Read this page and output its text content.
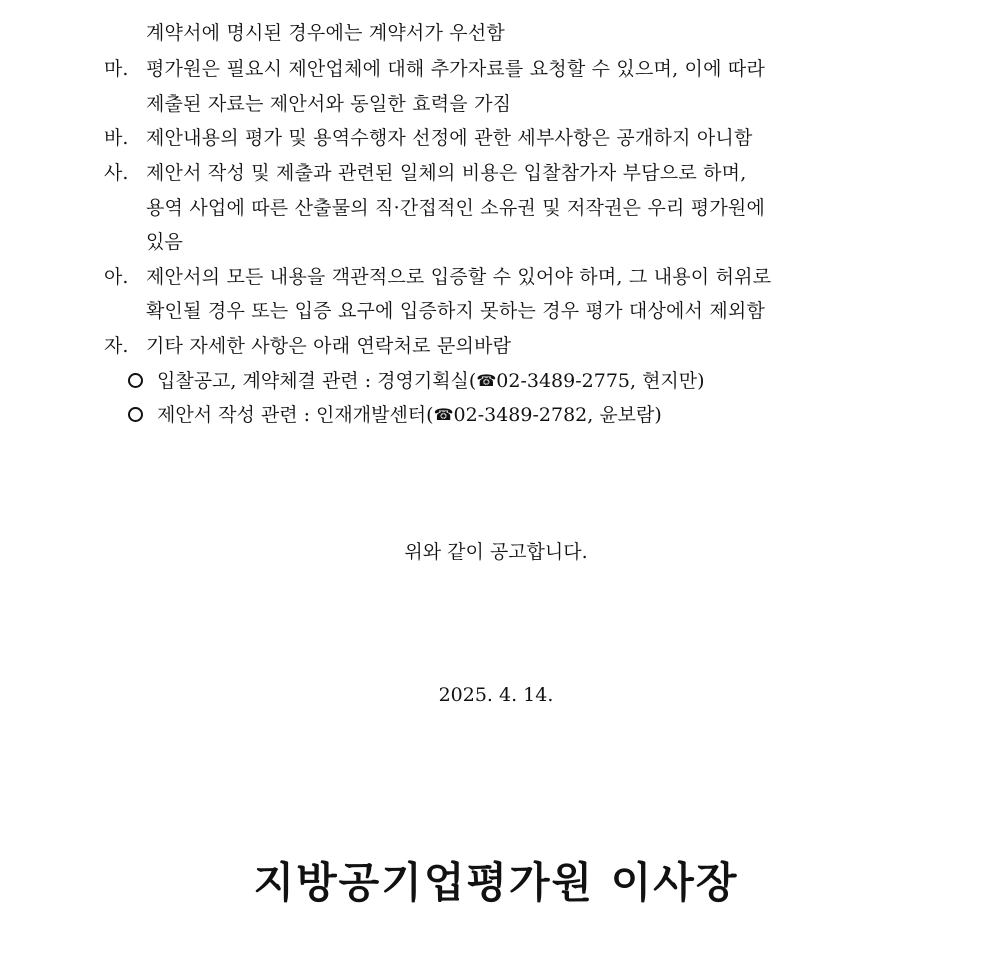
계약서에 명시된 경우에는 계약서가 우선함
마. 평가원은 필요시 제안업체에 대해 추가자료를 요청할 수 있으며, 이에 따라
제출된 자료는 제안서와 동일한 효력을 가짐
바. 제안내용의 평가 및 용역수행자 선정에 관한 세부사항은 공개하지 아니함
사. 제안서 작성 및 제출과 관련된 일체의 비용은 입찰참가자 부담으로 하며,
용역 사업에 따른 산출물의 직·간접적인 소유권 및 저작권은 우리 평가원에
있음
아. 제안서의 모든 내용을 객관적으로 입증할 수 있어야 하며, 그 내용이 허위로
확인될 경우 또는 입증 요구에 입증하지 못하는 경우 평가 대상에서 제외함
자. 기타 자세한 사항은 아래 연락처로 문의바람
입찰공고, 계약체결 관련 : 경영기획실(☎02-3489-2775, 현지만)
제안서 작성 관련 : 인재개발센터(☎02-3489-2782, 윤보람)
위와 같이 공고합니다.
2025. 4. 14.
지방공기업평가원 이사장
